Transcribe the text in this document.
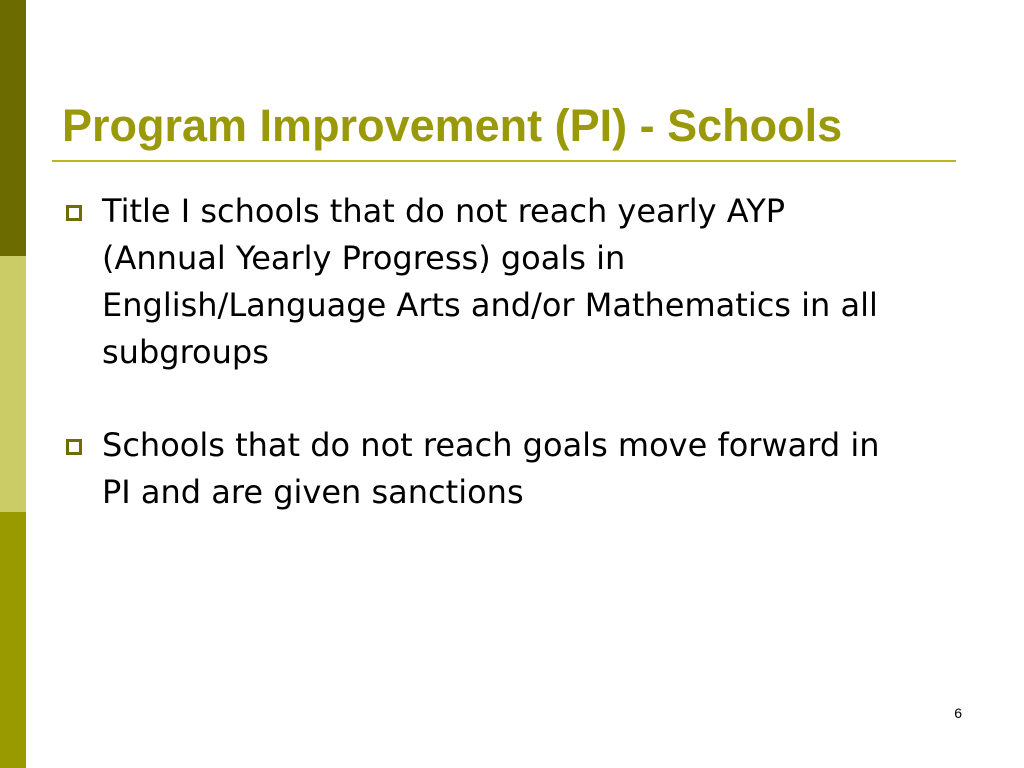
Program Improvement (PI) - Schools
Title I schools that do not reach yearly AYP (Annual Yearly Progress) goals in English/Language Arts and/or Mathematics in all subgroups
Schools that do not reach goals move forward in PI and are given sanctions
6
